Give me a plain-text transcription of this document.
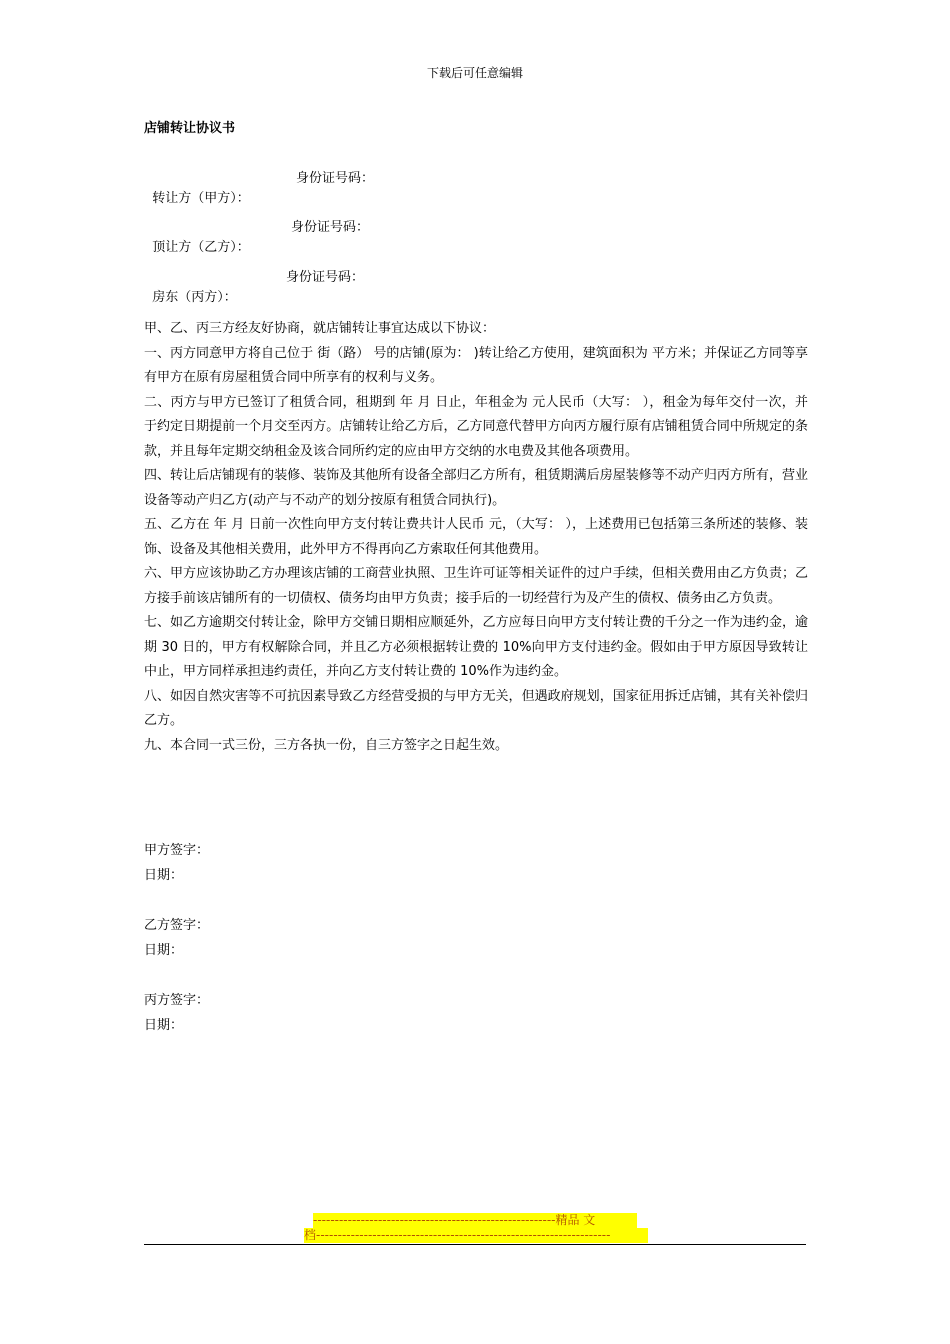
下载后可任意编辑
店铺转让协议书

转让方（甲方）：

身份证号码：

顶让方（乙方）：

身份证号码：

房东（丙方）：

身份证号码：

甲、乙、丙三方经友好协商，就店铺转让事宜达成以下协议：

一、丙方同意甲方将自己位于 街（路） 号的店铺(原为： )转让给乙方使用，建筑面积为 平方米；并保证乙方同等享有甲方在原有房屋租赁合同中所享有的权利与义务。

二、丙方与甲方已签订了租赁合同，租期到 年 月 日止，年租金为 元人民币（大写： ），租金为每年交付一次，并于约定日期提前一个月交至丙方。店铺转让给乙方后，乙方同意代替甲方向丙方履行原有店铺租赁合同中所规定的条款，并且每年定期交纳租金及该合同所约定的应由甲方交纳的水电费及其他各项费用。

四、转让后店铺现有的装修、装饰及其他所有设备全部归乙方所有，租赁期满后房屋装修等不动产归丙方所有，营业设备等动产归乙方(动产与不动产的划分按原有租赁合同执行)。

五、乙方在 年 月 日前一次性向甲方支付转让费共计人民币 元，（大写： ），上述费用已包括第三条所述的装修、装饰、设备及其他相关费用，此外甲方不得再向乙方索取任何其他费用。

六、甲方应该协助乙方办理该店铺的工商营业执照、卫生许可证等相关证件的过户手续，但相关费用由乙方负责；乙方接手前该店铺所有的一切债权、债务均由甲方负责；接手后的一切经营行为及产生的债权、债务由乙方负责。

七、如乙方逾期交付转让金，除甲方交铺日期相应顺延外，乙方应每日向甲方支付转让费的千分之一作为违约金，逾期 30 日的，甲方有权解除合同，并且乙方必须根据转让费的 10%向甲方支付违约金。假如由于甲方原因导致转让中止，甲方同样承担违约责任，并向乙方支付转让费的 10%作为违约金。

八、如因自然灾害等不可抗因素导致乙方经营受损的与甲方无关，但遇政府规划，国家征用拆迁店铺，其有关补偿归乙方。

九、本合同一式三份，三方各执一份，自三方签字之日起生效。

甲方签字：
日期：
乙方签字：
日期：
丙方签字：
日期：
--------------------------------------------------------精品 文
档--------------------------------------------------------------------
